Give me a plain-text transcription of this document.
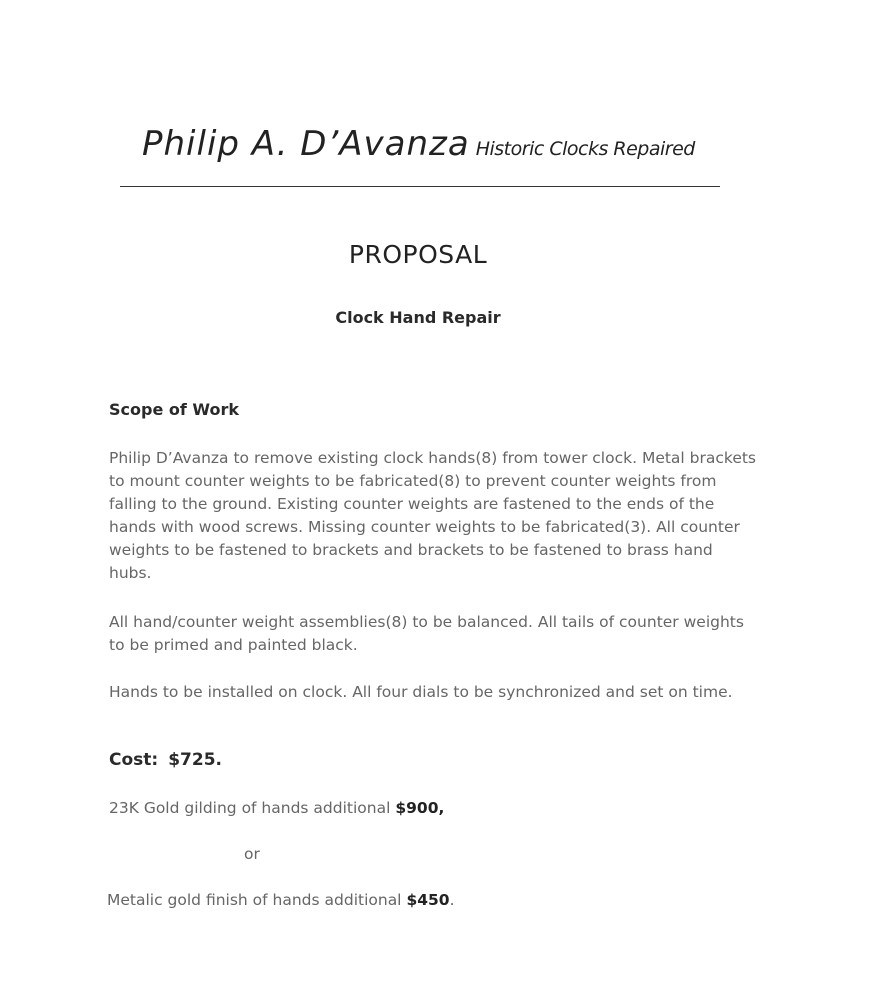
Philip A. D’Avanza Historic Clocks Repaired
PROPOSAL
Clock Hand Repair
Scope of Work

Philip D’Avanza to remove existing clock hands(8) from tower clock. Metal brackets to mount counter weights to be fabricated(8) to prevent counter weights from falling to the ground. Existing counter weights are fastened to the ends of the hands with wood screws. Missing counter weights to be fabricated(3). All counter weights to be fastened to brackets and brackets to be fastened to brass hand hubs.

All hand/counter weight assemblies(8) to be balanced. All tails of counter weights to be primed and painted black.

Hands to be installed on clock. All four dials to be synchronized and set on time.

Cost: $725.
23K Gold gilding of hands additional $900,
or
Metalic gold finish of hands additional $450.
